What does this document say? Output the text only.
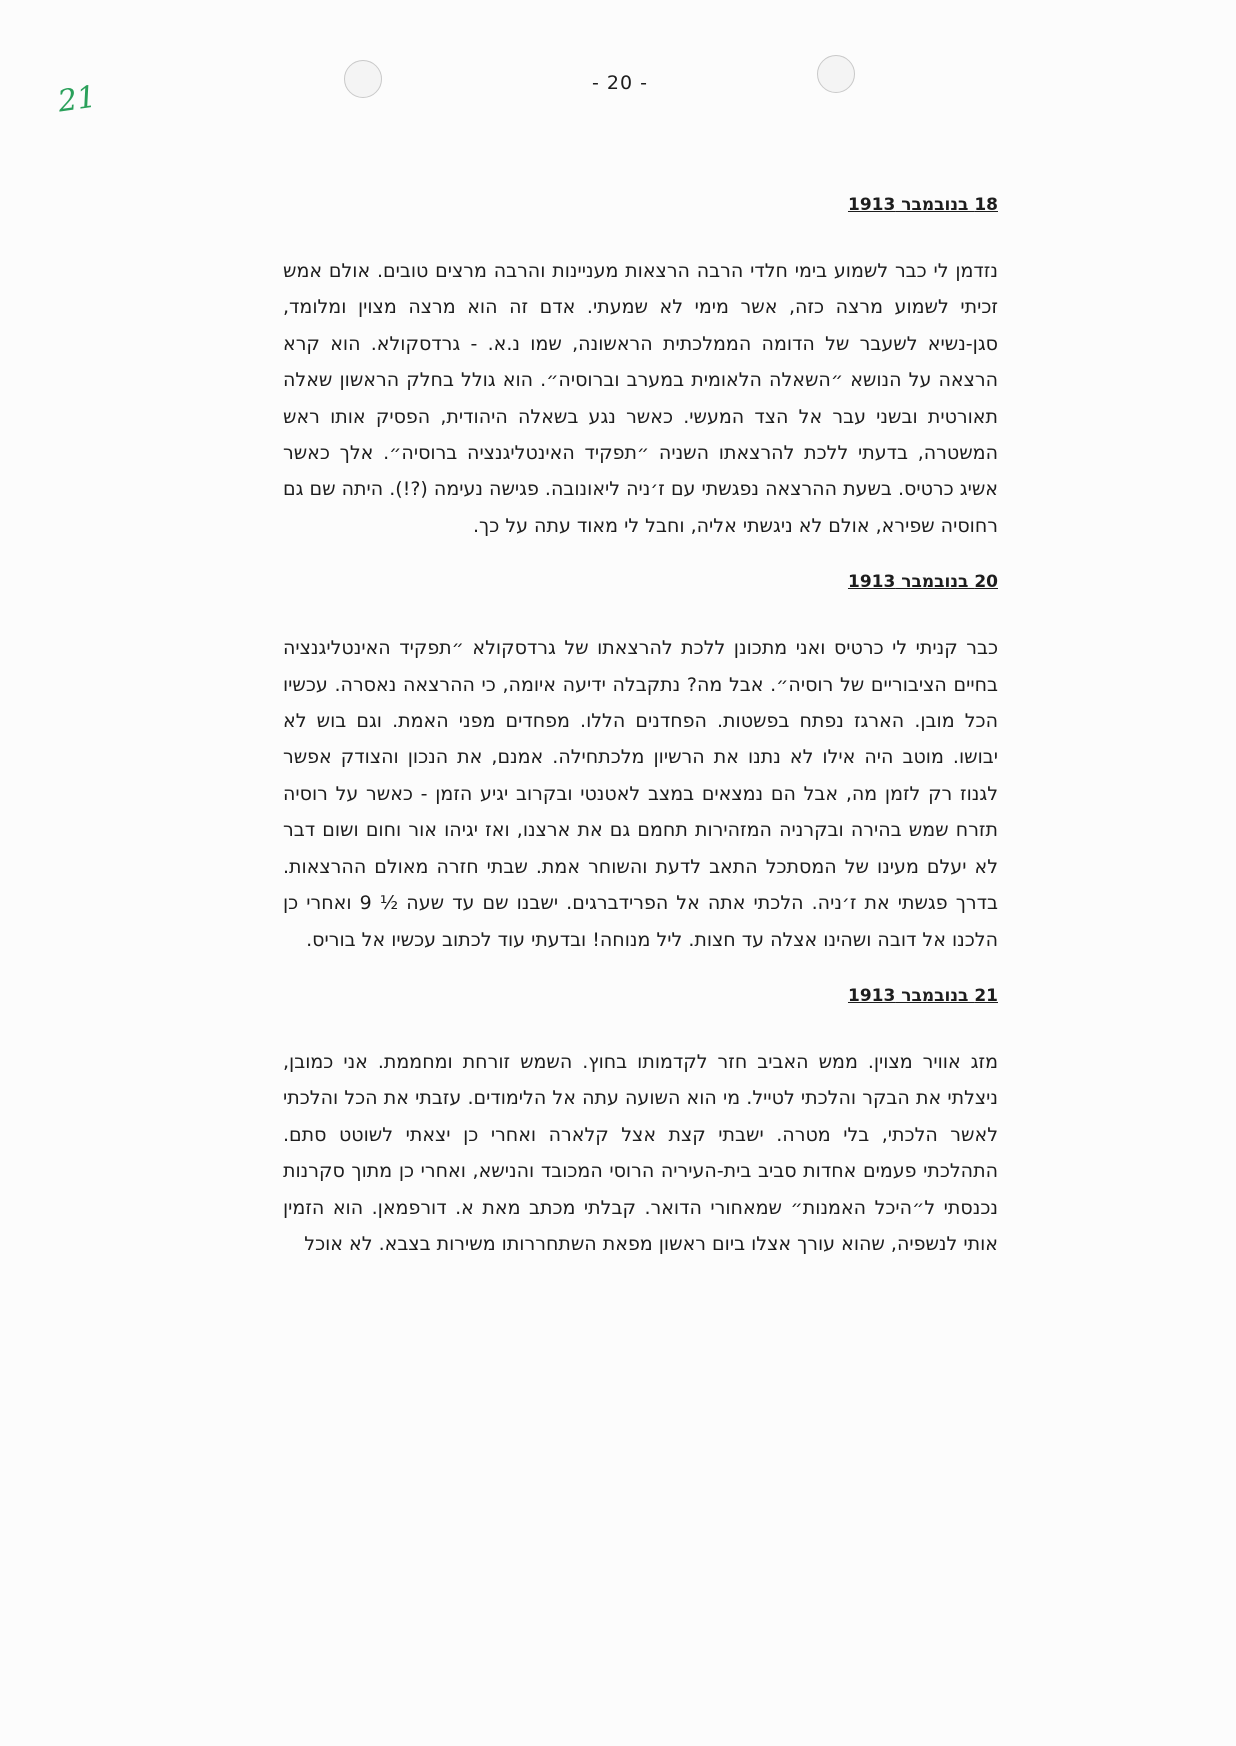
21	- 20 -

18 בנובמבר 1913

נזדמן לי כבר לשמוע בימי חלדי הרבה הרצאות מעניינות והרבה מרצים טובים. אולם אמש זכיתי לשמוע מרצה כזה, אשר מימי לא שמעתי. אדם זה הוא מרצה מצוין ומלומד, סגן-נשיא לשעבר של הדומה הממלכתית הראשונה, שמו נ.א. - גרדסקולא. הוא קרא הרצאה על הנושא ״השאלה הלאומית במערב וברוסיה״. הוא גולל בחלק הראשון שאלה תאורטית ובשני עבר אל הצד המעשי. כאשר נגע בשאלה היהודית, הפסיק אותו ראש המשטרה, בדעתי ללכת להרצאתו השניה ״תפקיד האינטליגנציה ברוסיה״. אלך כאשר אשיג כרטיס. בשעת ההרצאה נפגשתי עם ז׳ניה ליאונובה. פגישה נעימה (?!). היתה שם גם רחוסיה שפירא, אולם לא ניגשתי אליה, וחבל לי מאוד עתה על כך.

20 בנובמבר 1913

כבר קניתי לי כרטיס ואני מתכונן ללכת להרצאתו של גרדסקולא ״תפקיד האינטליגנציה בחיים הציבוריים של רוסיה״. אבל מה? נתקבלה ידיעה איומה, כי ההרצאה נאסרה. עכשיו הכל מובן. הארגז נפתח בפשטות. הפחדנים הללו. מפחדים מפני האמת. וגם בוש לא יבושו. מוטב היה אילו לא נתנו את הרשיון מלכתחילה. אמנם, את הנכון והצודק אפשר לגנוז רק לזמן מה, אבל הם נמצאים במצב לאטנטי ובקרוב יגיע הזמן - כאשר על רוסיה תזרח שמש בהירה ובקרניה המזהירות תחמם גם את ארצנו, ואז יגיהו אור וחום ושום דבר לא יעלם מעינו של המסתכל התאב לדעת והשוחר אמת. שבתי חזרה מאולם ההרצאות. בדרך פגשתי את ז׳ניה. הלכתי אתה אל הפרידברגים. ישבנו שם עד שעה ½ 9 ואחרי כן הלכנו אל דובה ושהינו אצלה עד חצות. ליל מנוחה! ובדעתי עוד לכתוב עכשיו אל בוריס.

21 בנובמבר 1913

מזג אוויר מצוין. ממש האביב חזר לקדמותו בחוץ. השמש זורחת ומחממת. אני כמובן, ניצלתי את הבקר והלכתי לטייל. מי הוא השועה עתה אל הלימודים. עזבתי את הכל והלכתי לאשר הלכתי, בלי מטרה. ישבתי קצת אצל קלארה ואחרי כן יצאתי לשוטט סתם. התהלכתי פעמים אחדות סביב בית-העיריה הרוסי המכובד והנישא, ואחרי כן מתוך סקרנות נכנסתי ל״היכל האמנות״ שמאחורי הדואר. קבלתי מכתב מאת א. דורפמאן. הוא הזמין אותי לנשפיה, שהוא עורך אצלו ביום ראשון מפאת השתחררותו משירות בצבא. לא אוכל
